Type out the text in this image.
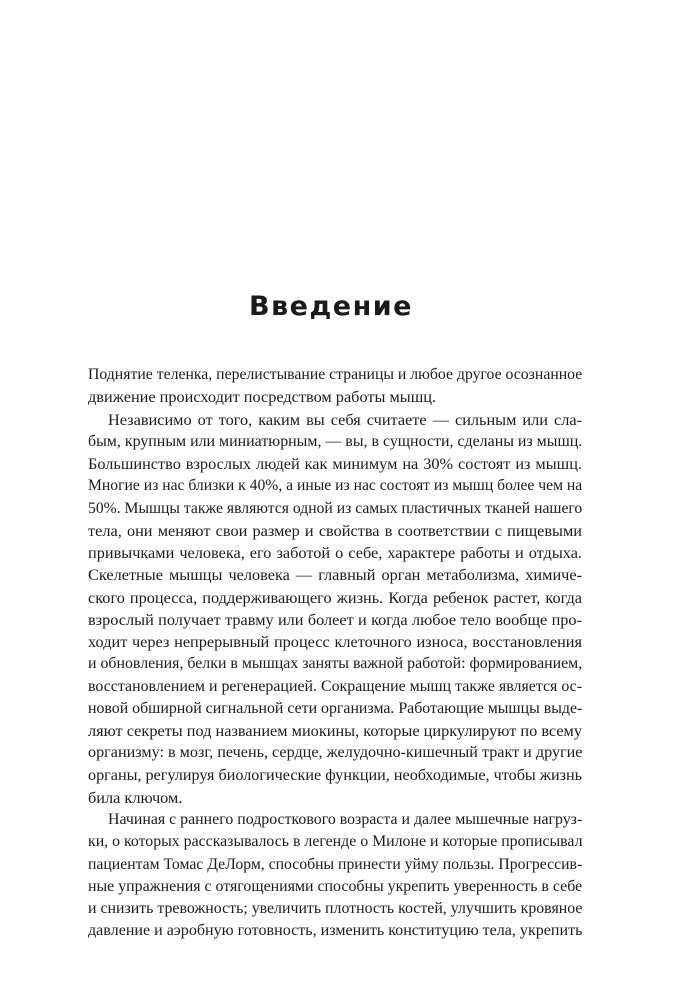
Введение
Поднятие теленка, перелистывание страницы и любое другое осознанное
движение происходит посредством работы мышц.
Независимо от того, каким вы себя считаете — сильным или сла-
бым, крупным или миниатюрным, — вы, в сущности, сделаны из мышц.
Большинство взрослых людей как минимум на 30% состоят из мышц.
Многие из нас близки к 40%, а иные из нас состоят из мышц более чем на
50%. Мышцы также являются одной из самых пластичных тканей нашего
тела, они меняют свои размер и свойства в соответствии с пищевыми
привычками человека, его заботой о себе, характере работы и отдыха.
Скелетные мышцы человека — главный орган метаболизма, химиче-
ского процесса, поддерживающего жизнь. Когда ребенок растет, когда
взрослый получает травму или болеет и когда любое тело вообще про-
ходит через непрерывный процесс клеточного износа, восстановления
и обновления, белки в мышцах заняты важной работой: формированием,
восстановлением и регенерацией. Сокращение мышц также является ос-
новой обширной сигнальной сети организма. Работающие мышцы выде-
ляют секреты под названием миокины, которые циркулируют по всему
организму: в мозг, печень, сердце, желудочно-кишечный тракт и другие
органы, регулируя биологические функции, необходимые, чтобы жизнь
била ключом.
Начиная с раннего подросткового возраста и далее мышечные нагруз-
ки, о которых рассказывалось в легенде о Милоне и которые прописывал
пациентам Томас ДеЛорм, способны принести уйму пользы. Прогрессив-
ные упражнения с отягощениями способны укрепить уверенность в себе
и снизить тревожность; увеличить плотность костей, улучшить кровяное
давление и аэробную готовность, изменить конституцию тела, укрепить
